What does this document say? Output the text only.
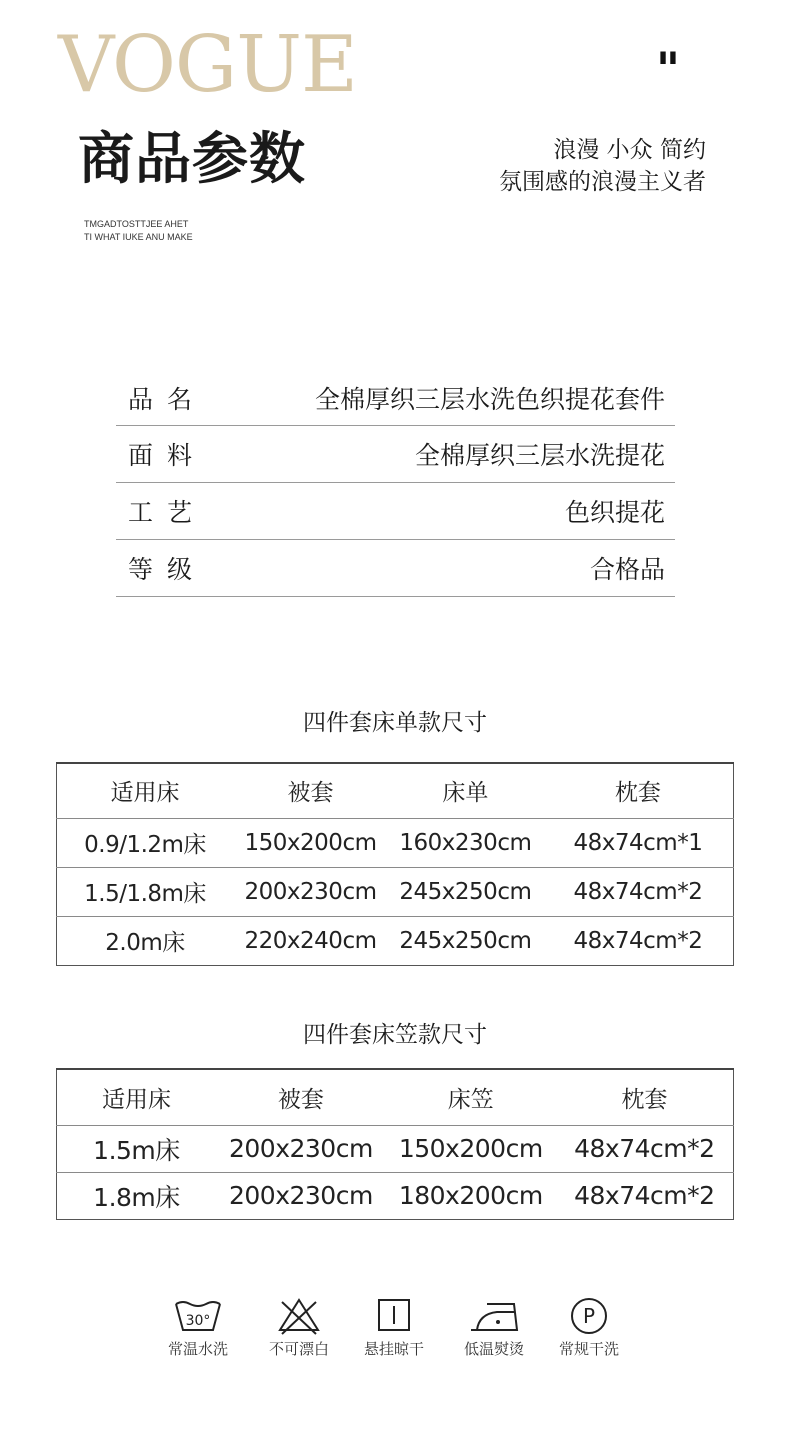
VOGUE	"
商品参数	浪漫 小众 简约
氛围感的浪漫主义者
TMGADTOSTTJEE AHET
TI WHAT IUKE ANU MAKE
品名	全棉厚织三层水洗色织提花套件
面料	全棉厚织三层水洗提花
工艺	色织提花
等级	合格品
四件套床单款尺寸
适用床	被套	床单	枕套
0.9/1.2m床	150x200cm	160x230cm	48x74cm*1
1.5/1.8m床	200x230cm	245x250cm	48x74cm*2
2.0m床	220x240cm	245x250cm	48x74cm*2
四件套床笠款尺寸
适用床	被套	床笠	枕套
1.5m床	200x230cm	150x200cm	48x74cm*2
1.8m床	200x230cm	180x200cm	48x74cm*2
30°
常温水洗	不可漂白	悬挂晾干	低温熨烫
P
常规干洗
